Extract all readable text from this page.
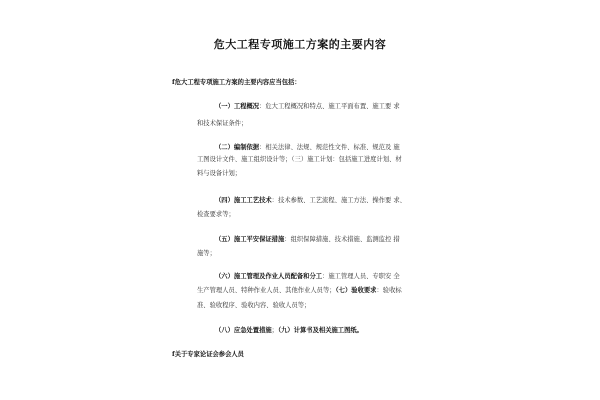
危大工程专项施工方案的主要内容
f危大工程专项施工方案的主要内容应当包括：
（一）工程概况：危大工程概况和特点、施工平面布置、施工要 求
和技术保证条件；
（二）编制依据：相关法律、法规、规范性文件、标准、规范及 施
工图设计文件、施工组织设计等；（三）施工计划：包括施工进度计划、材
料与设备计划；
（四）施工工艺技术：技术参数、工艺流程、施工方法、操作要 求、
检查要求等；
（五）施工平安保证措施：组织保障措施、技术措施、监测监控 措
施等；
（六）施工管理及作业人员配备和分工：施工管理人员、专职安 全
生产管理人员、特种作业人员、其他作业人员等；（七）验收要求：验收标
准、验收程序、验收内容、验收人员等；
（八）应急处置措施；（九）计算书及相关施工图纸。
f关于专家论证会参会人员
